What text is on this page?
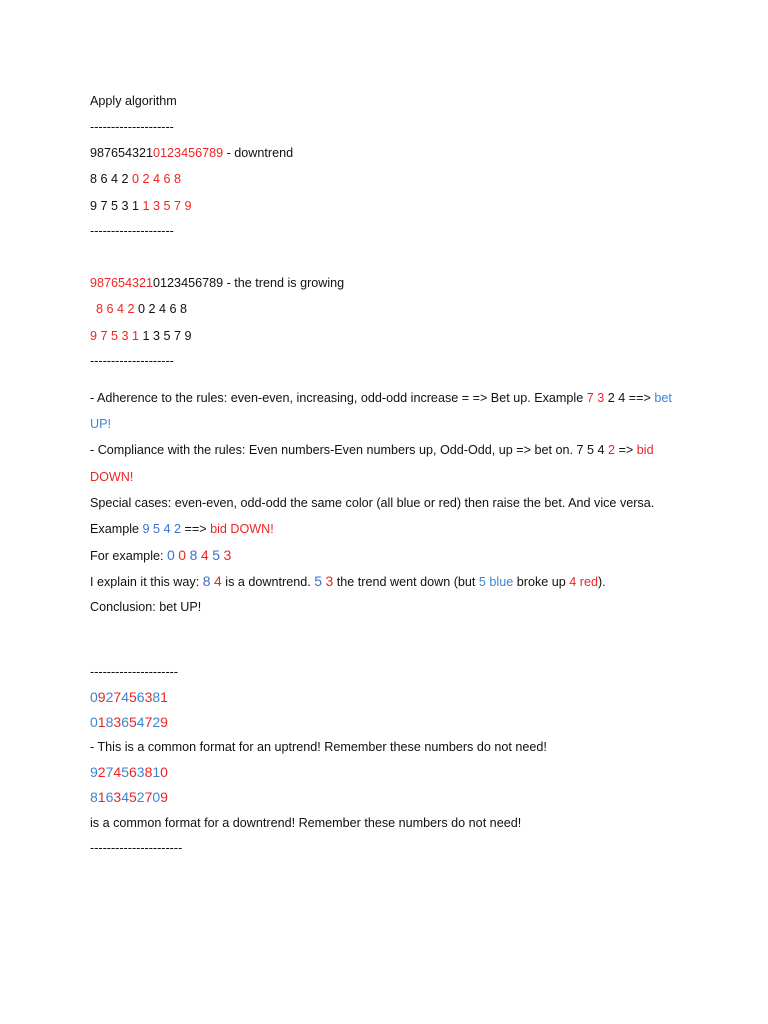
Apply algorithm
--------------------
9876543210123456789 - downtrend
8 6 4 2 0 2 4 6 8
9 7 5 3 1 1 3 5 7 9
--------------------
9876543210123456789 - the trend is growing
8 6 4 2 0 2 4 6 8
9 7 5 3 1 1 3 5 7 9
--------------------
- Adherence to the rules: even-even, increasing, odd-odd increase = => Bet up. Example 7 3 2 4 ==> bet
UP!
- Compliance with the rules: Even numbers-Even numbers up, Odd-Odd, up => bet on. 7 5 4 2 => bid
DOWN!
Special cases: even-even, odd-odd the same color (all blue or red) then raise the bet. And vice versa.
Example 9 5 4 2 ==> bid DOWN!
For example: 0 0 8 4 5 3
I explain it this way: 8 4 is a downtrend. 5 3 the trend went down (but 5 blue broke up 4 red).
Conclusion: bet UP!
---------------------
0927456381
0183654729
- This is a common format for an uptrend! Remember these numbers do not need!
9274563810
8163452709
is a common format for a downtrend! Remember these numbers do not need!
----------------------
